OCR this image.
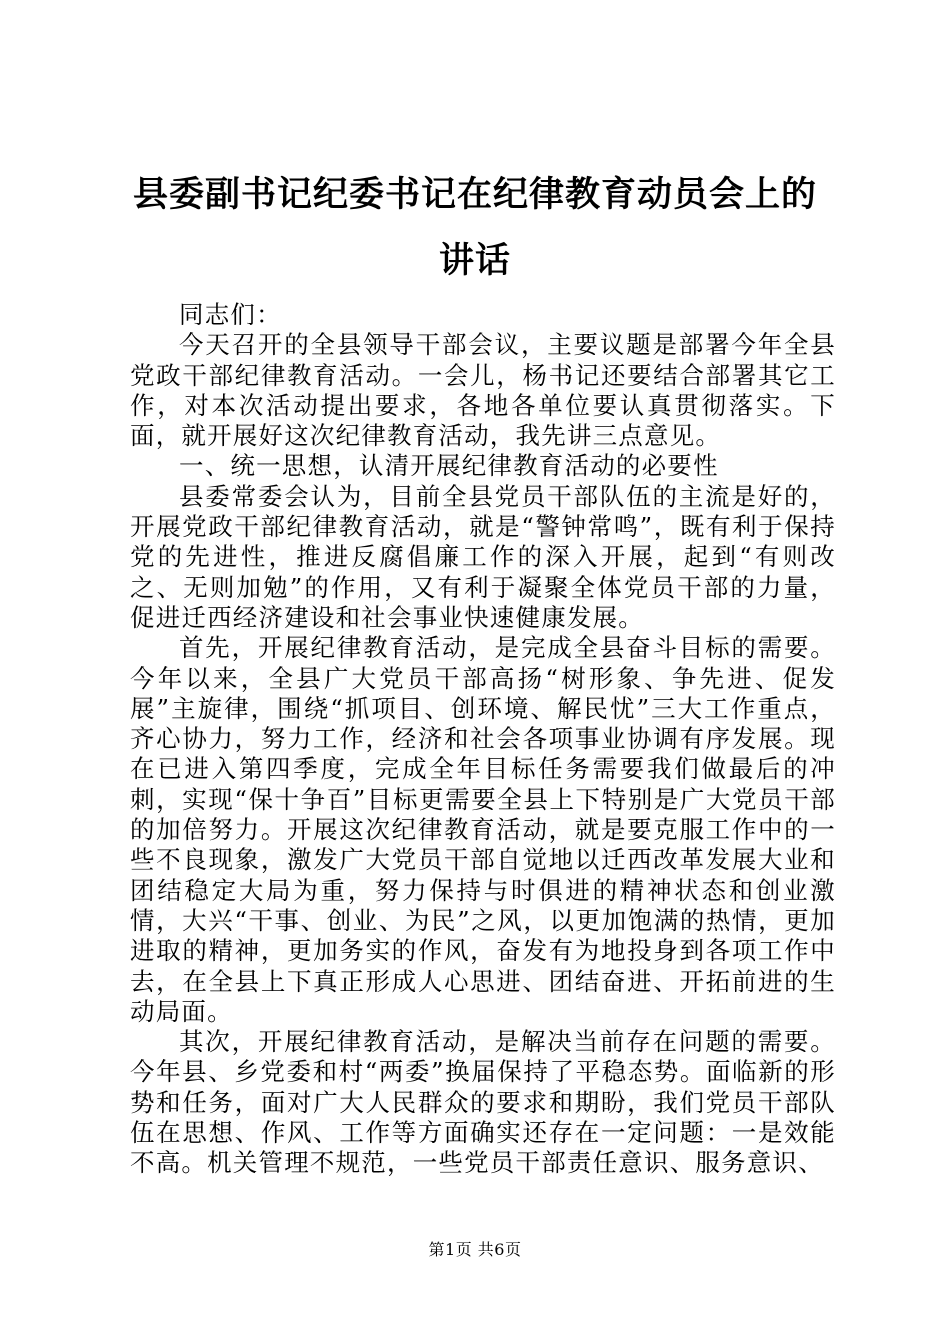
县委副书记纪委书记在纪律教育动员会上的讲话

同志们：

今天召开的全县领导干部会议，主要议题是部署今年全县党政干部纪律教育活动。一会儿，杨书记还要结合部署其它工作，对本次活动提出要求，各地各单位要认真贯彻落实。下面，就开展好这次纪律教育活动，我先讲三点意见。

一、统一思想，认清开展纪律教育活动的必要性

县委常委会认为，目前全县党员干部队伍的主流是好的，开展党政干部纪律教育活动，就是“警钟常鸣”，既有利于保持党的先进性，推进反腐倡廉工作的深入开展，起到“有则改之、无则加勉”的作用，又有利于凝聚全体党员干部的力量，促进迁西经济建设和社会事业快速健康发展。

首先，开展纪律教育活动，是完成全县奋斗目标的需要。今年以来，全县广大党员干部高扬“树形象、争先进、促发展”主旋律，围绕“抓项目、创环境、解民忧”三大工作重点，齐心协力，努力工作，经济和社会各项事业协调有序发展。现在已进入第四季度，完成全年目标任务需要我们做最后的冲刺，实现“保十争百”目标更需要全县上下特别是广大党员干部的加倍努力。开展这次纪律教育活动，就是要克服工作中的一些不良现象，激发广大党员干部自觉地以迁西改革发展大业和团结稳定大局为重，努力保持与时俱进的精神状态和创业激情，大兴“干事、创业、为民”之风，以更加饱满的热情，更加进取的精神，更加务实的作风，奋发有为地投身到各项工作中去，在全县上下真正形成人心思进、团结奋进、开拓前进的生动局面。

其次，开展纪律教育活动，是解决当前存在问题的需要。今年县、乡党委和村“两委”换届保持了平稳态势。面临新的形势和任务，面对广大人民群众的要求和期盼，我们党员干部队伍在思想、作风、工作等方面确实还存在一定问题：一是效能不高。机关管理不规范，一些党员干部责任意识、服务意识、

第1页 共6页
